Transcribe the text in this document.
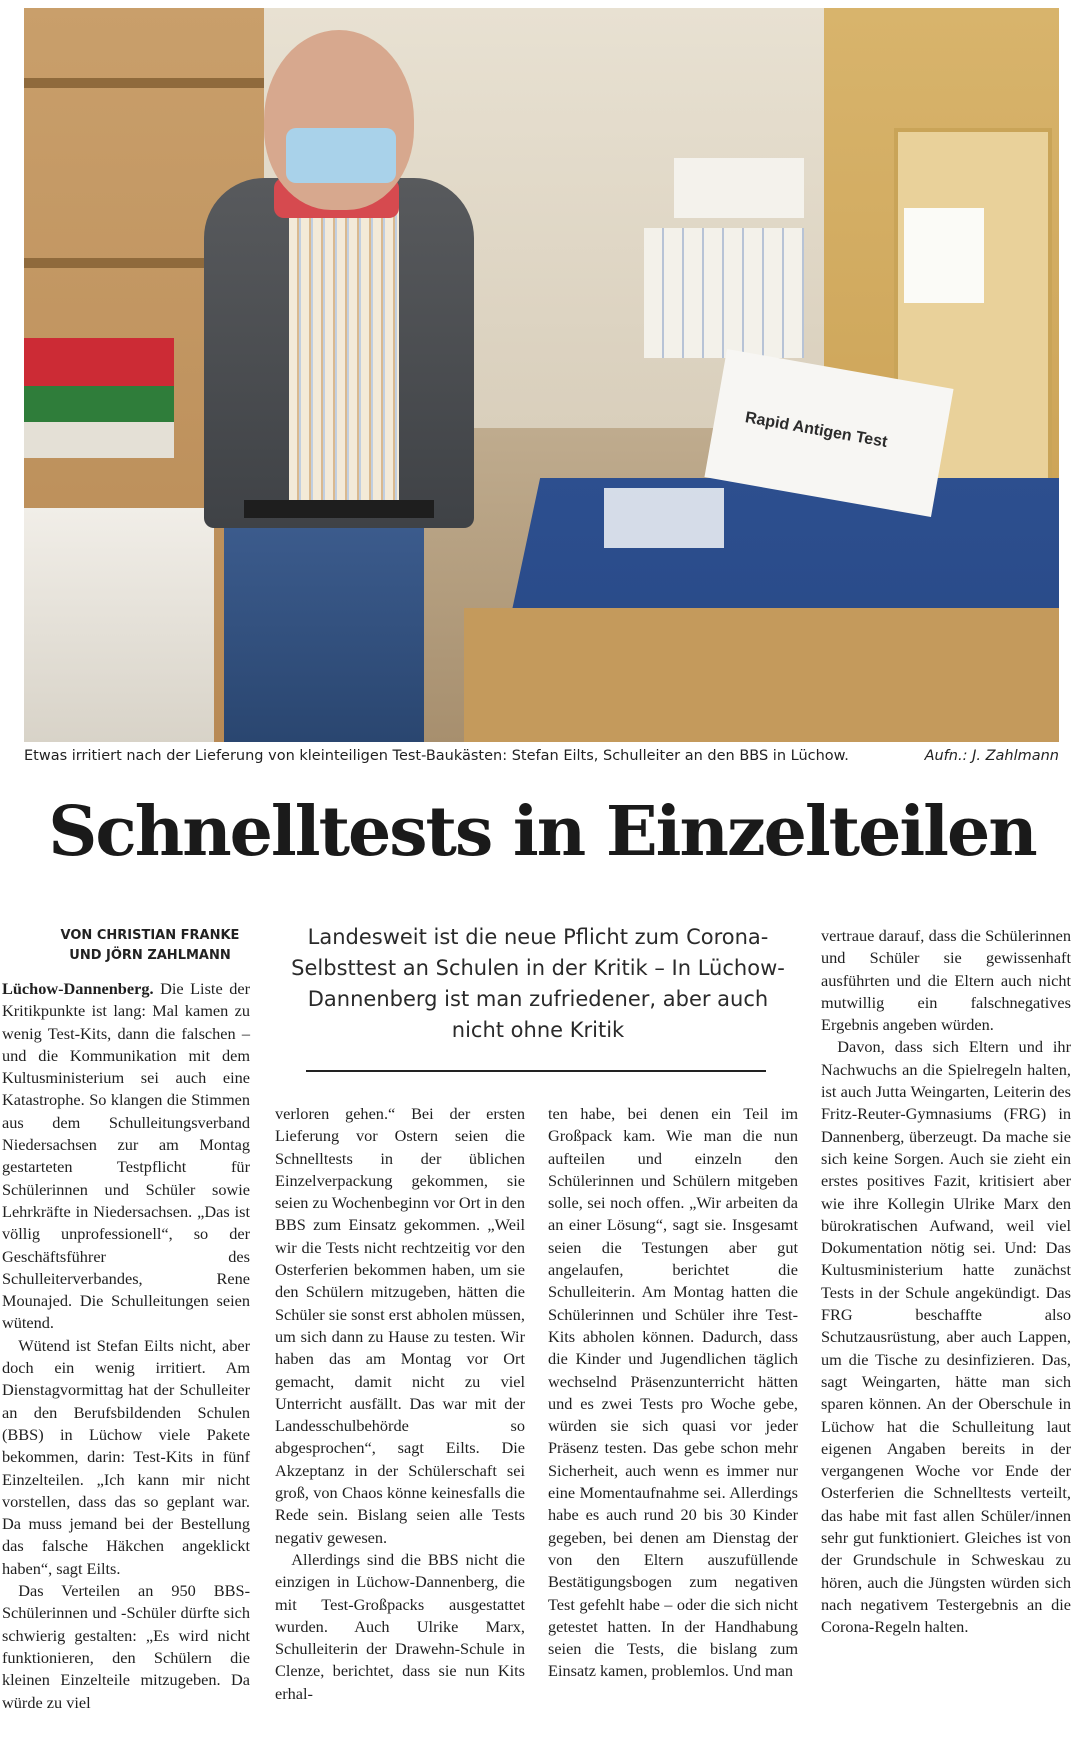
Rapid Antigen Test
Etwas irritiert nach der Lieferung von kleinteiligen Test-Baukästen: Stefan Eilts, Schulleiter an den BBS in Lüchow.	Aufn.: J. Zahlmann
Schnelltests in Einzelteilen
VON CHRISTIAN FRANKE
UND JÖRN ZAHLMANN
Landesweit ist die neue Pflicht zum Corona-Selbsttest an Schulen in der Kritik – In Lüchow-Dannenberg ist man zufriedener, aber auch nicht ohne Kritik

Lüchow-Dannenberg. Die Liste der Kritikpunkte ist lang: Mal kamen zu wenig Test-Kits, dann die falschen – und die Kommunikation mit dem Kultusministerium sei auch eine Katastrophe. So klangen die Stimmen aus dem Schulleitungsverband Niedersachsen zur am Montag gestarteten Testpflicht für Schülerinnen und Schüler sowie Lehrkräfte in Niedersachsen. „Das ist völlig unprofessionell“, so der Geschäftsführer des Schulleiterverbandes, Rene Mounajed. Die Schulleitungen seien wütend.

Wütend ist Stefan Eilts nicht, aber doch ein wenig irritiert. Am Dienstagvormittag hat der Schulleiter an den Berufsbildenden Schulen (BBS) in Lüchow viele Pakete bekommen, darin: Test-Kits in fünf Einzelteilen. „Ich kann mir nicht vorstellen, dass das so geplant war. Da muss jemand bei der Bestellung das falsche Häkchen angeklickt haben“, sagt Eilts.

Das Verteilen an 950 BBS-Schülerinnen und -Schüler dürfte sich schwierig gestalten: „Es wird nicht funktionieren, den Schülern die kleinen Einzelteile mitzugeben. Da würde zu viel

verloren gehen.“ Bei der ersten Lieferung vor Ostern seien die Schnelltests in der üblichen Einzelverpackung gekommen, sie seien zu Wochenbeginn vor Ort in den BBS zum Einsatz gekommen. „Weil wir die Tests nicht rechtzeitig vor den Osterferien bekommen haben, um sie den Schülern mitzugeben, hätten die Schüler sie sonst erst abholen müssen, um sich dann zu Hause zu testen. Wir haben das am Montag vor Ort gemacht, damit nicht zu viel Unterricht ausfällt. Das war mit der Landesschulbehörde so abgesprochen“, sagt Eilts. Die Akzeptanz in der Schülerschaft sei groß, von Chaos könne keinesfalls die Rede sein. Bislang seien alle Tests negativ gewesen.

Allerdings sind die BBS nicht die einzigen in Lüchow-Dannenberg, die mit Test-Großpacks ausgestattet wurden. Auch Ulrike Marx, Schulleiterin der Drawehn-Schule in Clenze, berichtet, dass sie nun Kits erhal-

ten habe, bei denen ein Teil im Großpack kam. Wie man die nun aufteilen und einzeln den Schülerinnen und Schülern mitgeben solle, sei noch offen. „Wir arbeiten da an einer Lösung“, sagt sie. Insgesamt seien die Testungen aber gut angelaufen, berichtet die Schulleiterin. Am Montag hatten die Schülerinnen und Schüler ihre Test-Kits abholen können. Dadurch, dass die Kinder und Jugendlichen täglich wechselnd Präsenzunterricht hätten und es zwei Tests pro Woche gebe, würden sie sich quasi vor jeder Präsenz testen. Das gebe schon mehr Sicherheit, auch wenn es immer nur eine Momentaufnahme sei. Allerdings habe es auch rund 20 bis 30 Kinder gegeben, bei denen am Dienstag der von den Eltern auszufüllende Bestätigungsbogen zum negativen Test gefehlt habe – oder die sich nicht getestet hatten. In der Handhabung seien die Tests, die bislang zum Einsatz kamen, problemlos. Und man

vertraue darauf, dass die Schülerinnen und Schüler sie gewissenhaft ausführten und die Eltern auch nicht mutwillig ein falschnegatives Ergebnis angeben würden.

Davon, dass sich Eltern und ihr Nachwuchs an die Spielregeln halten, ist auch Jutta Weingarten, Leiterin des Fritz-Reuter-Gymnasiums (FRG) in Dannenberg, überzeugt. Da mache sie sich keine Sorgen. Auch sie zieht ein erstes positives Fazit, kritisiert aber wie ihre Kollegin Ulrike Marx den bürokratischen Aufwand, weil viel Dokumentation nötig sei. Und: Das Kultusministerium hatte zunächst Tests in der Schule angekündigt. Das FRG beschaffte also Schutzausrüstung, aber auch Lappen, um die Tische zu desinfizieren. Das, sagt Weingarten, hätte man sich sparen können. An der Oberschule in Lüchow hat die Schulleitung laut eigenen Angaben bereits in der vergangenen Woche vor Ende der Osterferien die Schnelltests verteilt, das habe mit fast allen Schüler/innen sehr gut funktioniert. Gleiches ist von der Grundschule in Schweskau zu hören, auch die Jüngsten würden sich nach negativem Testergebnis an die Corona-Regeln halten.
